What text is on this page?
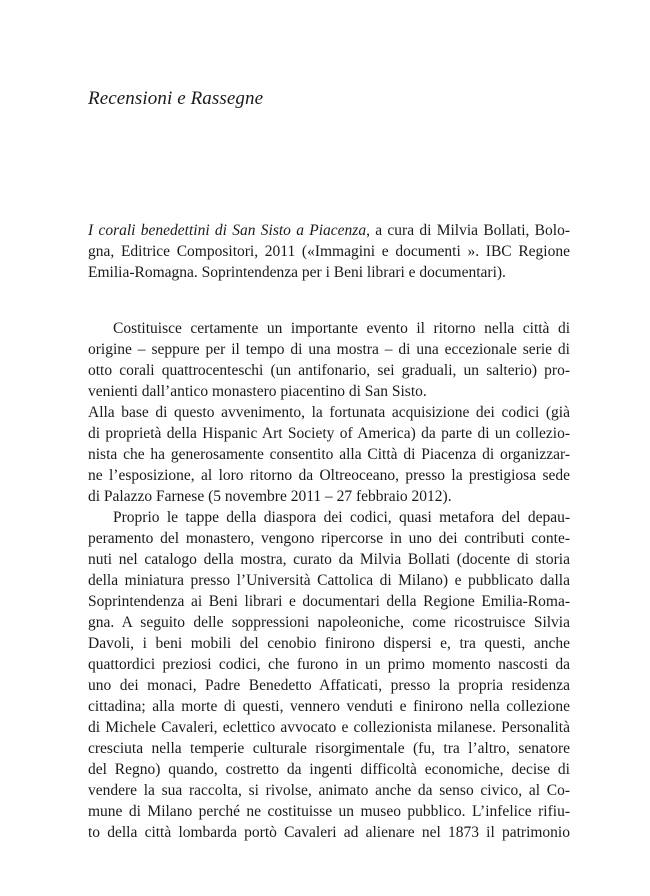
Recensioni e Rassegne
I corali benedettini di San Sisto a Piacenza, a cura di Milvia Bollati, Bolo-
gna, Editrice Compositori, 2011 («Immagini e documenti ». IBC Regione
Emilia-Romagna. Soprintendenza per i Beni librari e documentari).
Costituisce certamente un importante evento il ritorno nella città di
origine – seppure per il tempo di una mostra – di una eccezionale serie di
otto corali quattrocenteschi (un antifonario, sei graduali, un salterio) pro-
venienti dall’antico monastero piacentino di San Sisto.
Alla base di questo avvenimento, la fortunata acquisizione dei codici (già
di proprietà della Hispanic Art Society of America) da parte di un collezio-
nista che ha generosamente consentito alla Città di Piacenza di organizzar-
ne l’esposizione, al loro ritorno da Oltreoceano, presso la prestigiosa sede
di Palazzo Farnese (5 novembre 2011 – 27 febbraio 2012).
Proprio le tappe della diaspora dei codici, quasi metafora del depau-
peramento del monastero, vengono ripercorse in uno dei contributi conte-
nuti nel catalogo della mostra, curato da Milvia Bollati (docente di storia
della miniatura presso l’Università Cattolica di Milano) e pubblicato dalla
Soprintendenza ai Beni librari e documentari della Regione Emilia-Roma-
gna. A seguito delle soppressioni napoleoniche, come ricostruisce Silvia
Davoli, i beni mobili del cenobio finirono dispersi e, tra questi, anche
quattordici preziosi codici, che furono in un primo momento nascosti da
uno dei monaci, Padre Benedetto Affaticati, presso la propria residenza
cittadina; alla morte di questi, vennero venduti e finirono nella collezione
di Michele Cavaleri, eclettico avvocato e collezionista milanese. Personalità
cresciuta nella temperie culturale risorgimentale (fu, tra l’altro, senatore
del Regno) quando, costretto da ingenti difficoltà economiche, decise di
vendere la sua raccolta, si rivolse, animato anche da senso civico, al Co-
mune di Milano perché ne costituisse un museo pubblico. L’infelice rifiu-
to della città lombarda portò Cavaleri ad alienare nel 1873 il patrimonio
